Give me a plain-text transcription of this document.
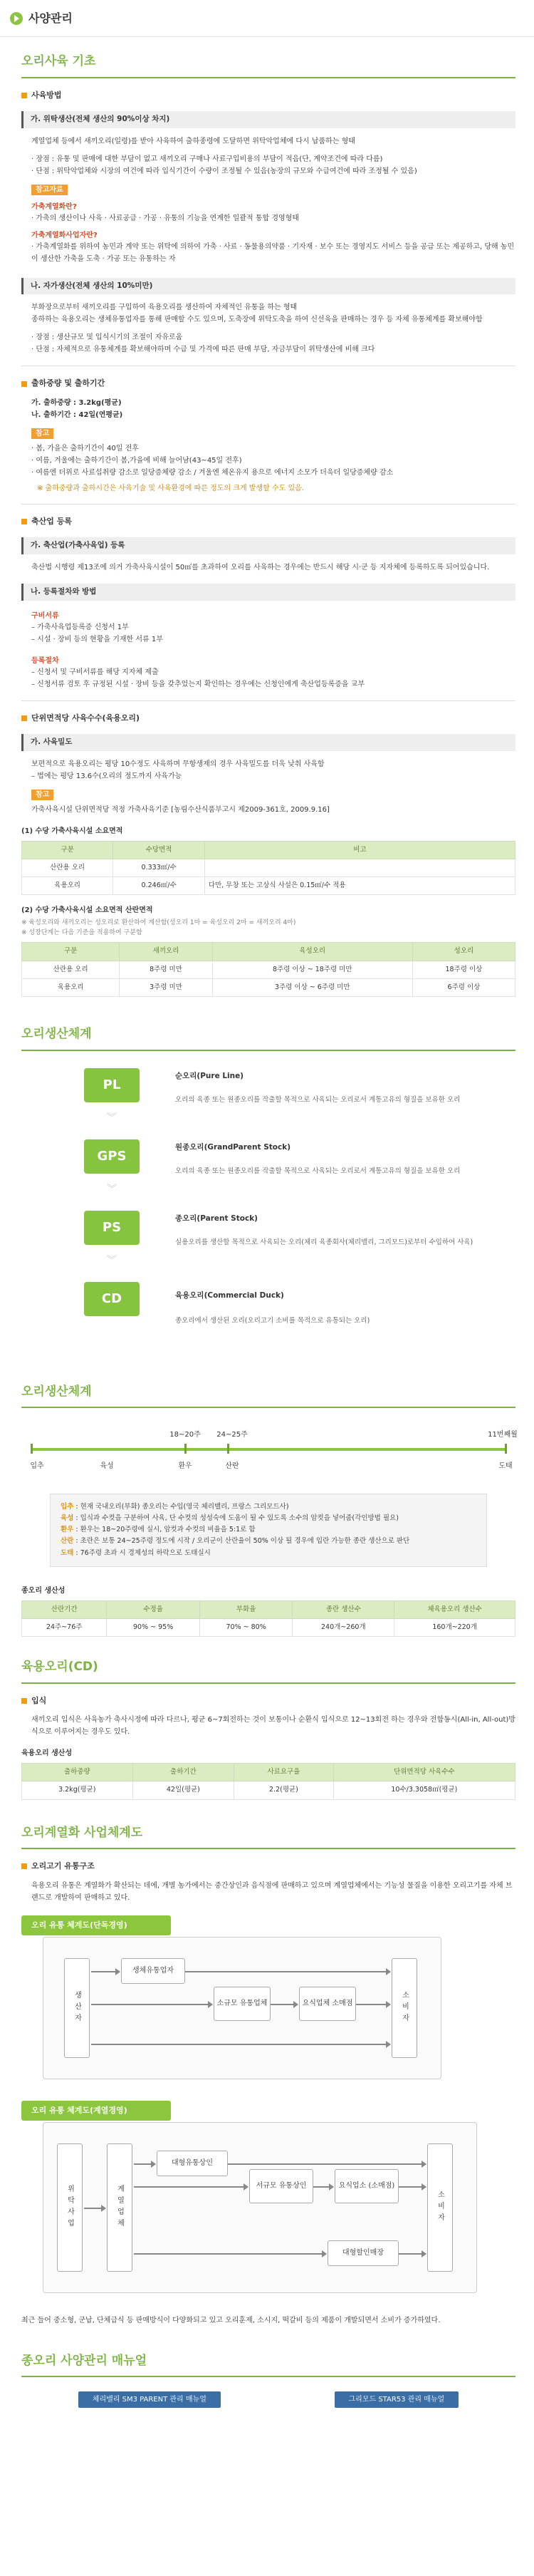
사양관리
오리사육 기초
사육방법
가. 위탁생산(전체 생산의 90%이상 차지)
계열업체 등에서 새끼오리(일령)를 받아 사육하여 출하종령에 도달하면 위탁악업체에 다시 납품하는 형태
· 장점 : 유통 및 판매에 대한 부담이 없고 새끼오리 구매나 사료구입비용의 부담이 적음(단, 계약조건에 따라 다름)
· 단점 : 위탁악업체와 시장의 여건에 따라 입식기간이 수량이 조정될 수 있음(농장의 규모와 수급여건에 따라 조정될 수 있음)
참고자료
가축계열화란?
· 가축의 생산이나 사육 · 사료공급 · 가공 · 유통의 기능을 연계한 일괄적 통합 경영형태
가축계열화사업자란?
· 가축계열화를 위하여 농민과 계약 또는 위탁에 의하여 가축 · 사료 · 동물용의약품 · 기자재 · 보수 또는 경영지도 서비스 등을 공급 또는 제공하고, 당해 농민이 생산한 가축을 도축 · 가공 또는 유통하는 자
나. 자가생산(전체 생산의 10%미만)
부화장으로부터 새끼오리를 구입하여 육용오리를 생산하여 자체적인 유통을 하는 형태
종하하는 육용오리는 생체유통업자를 통해 판매할 수도 있으며, 도축장에 위탁도축을 하여 신선육을 판매하는 경우 등 자체 유통체계를 확보해야함
· 장점 : 생산규모 및 입식시기의 조절이 자유로움
· 단점 : 자체적으로 유통체계를 확보해야하며 수급 및 가격에 따른 판매 부담, 자금부담이 위탁생산에 비해 크다
출하중량 및 출하기간
가. 출하중량 : 3.2kg(평균)
나. 출하기간 : 42일(연평균)
참고
· 봄, 가을은 출하기간이 40일 전후
· 여름, 겨울에는 출하기간이 봄,가을에 비해 늘어남(43~45일 전후)
· 여름엔 더위로 사료섭취량 감소로 일당증체량 감소 / 겨울엔 체온유지 용으로 에너지 소모가 더욱더 일당증체량 감소
※ 출하중량과 출하시간은 사육기술 및 사육환경에 따른 정도의 크게 발생할 수도 있음.
축산업 등록
가. 축산업(가축사육업) 등록
축산법 시행령 제13조에 의거 가축사육시설이 50㎡를 초과하여 오리를 사육하는 경우에는 반드시 해당 시·군 등 지자체에 등록하도록 되어있습니다.
나. 등록절차와 방법
구비서류
– 가축사육업등록증 신청서 1부
– 시설 · 장비 등의 현황을 기재한 서류 1부
등록절차
– 신청서 및 구비서류를 해당 지자체 제출
– 신청서류 검토 후 규정된 시설 · 장비 등을 갖추었는지 확인하는 경우에는 신청인에게 축산업등록증을 교부
단위면적당 사육수수(육용오리)
가. 사육밀도
보편적으로 육용오리는 평당 10수정도 사육하며 무항생제의 경우 사육밀도를 더욱 낮춰 사육함
– 법에는 평당 13.6수(오리의 정도까지 사육가능
참고
가축사육시설 단위면적당 적정 가축사육기준 [농림수산식품부고시 제2009-361호, 2009.9.16]
(1) 수당 가축사육시설 소요면적
구분	수당면적	비고
산란용 오리	0.333㎡/수	
육용오리	0.246㎡/수	다만, 무창 또는 고상식 사설은 0.15㎡/수 적용
(2) 수당 가축사육시설 소요면적 산란면적
※ 육성오리와 새끼오리는 성오리로 환산하여 계산함(성오리 1마 = 육성오리 2마 = 새끼오리 4마)
※ 성장단계는 다음 기준을 적용하여 구분함
구분	새끼오리	육성오리	성오리
산란용 오리	8주령 미만	8주령 이상 ~ 18주령 미만	18주령 이상
육용오리	3주령 미만	3주령 이상 ~ 6주령 미만	6주령 이상
오리생산체계
PL
순오리(Pure Line)
오리의 육종 또는 원종오리를 작출할 목적으로 사육되는 오리로서 계통고유의 형질을 보유한 오리
︾
GPS
원종오리(GrandParent Stock)
오리의 육종 또는 원종오리를 작출할 목적으로 사육되는 오리로서 계통고유의 형질을 보유한 오리
︾
PS
종오리(Parent Stock)
실용오리를 생산할 목적으로 사육되는 오리(체리 육종회사(체리밸리, 그리모드)로부터 수입하여 사육)
︾
CD	육용오리(Commercial Duck)
종오리에서 생산된 오리(오리고기 소비를 목적으로 유통되는 오리)
오리생산체계
18~20주 24~25주	11번째월
입추	육성	환우	산란	도태
입추 : 현재 국내오리(부화) 종오리는 수입(영국 체리밸리, 프랑스 그리모드사)
육성 : 입식과 수컷을 구분하여 사육, 단 수컷의 성성숙에 도움이 될 수 있도록 소수의 암컷을 넣어줌(각인방법 필요)
환우 : 환우는 18~20주령에 실시, 암컷과 수컷의 비율을 5:1로 함
산란 : 초란은 보통 24~25주령 정도에 시작 / 오리군이 산란율이 50% 이상 될 경우에 입란 가능한 종란 생산으로 판단
도태 : 76주령 초과 시 경제성의 하락으로 도태실시
종오리 생산성
산란기간	수정율	부화율	종란 생산수	체육용오리 생산수
24주~76주	90% ~ 95%	70% ~ 80%	240개~260개	160개~220개
육용오리(CD)
입식
새끼오리 입식은 사육농가 축사시정에 따라 다르나, 평균 6~7회전하는 것이 보통이나 순환식 입식으로 12~13회전 하는 경우와 전함동시(All-in, All-out)방식으로 이루어지는 경우도 있다.
육용오리 생산성
출하중량	출하기간	사료요구율	단위면적당 사육수수
3.2kg(평균)	42일(평균)	2.2(평균)	10수/3.3058㎡(평균)
오리계열화 사업체계도
오리고기 유통구조
육용오리 유통은 계열화가 확산되는 데에, 개별 농가에서는 중간상인과 음식점에 판매하고 있으며 계열업체에서는 기능성 물질을 이용한 오리고기를 자체 브랜드로 개발하여 판매하고 있다.
오리 유통 체계도(단독경영)
생산자
생체유통업자
소규모 유통업체	요식업체 소매점	소비자
오리 유통 체계도(계열경영)
위탁사업	계열업체
대형유통상인
서규모 유통상인	요식업소 (소매점)
대형할인매장
소비자
최근 들어 중소형, 군납, 단체급식 등 판매방식이 다양화되고 있고 오리훈제, 소시지, 떡갈비 등의 제품이 개발되면서 소비가 증가하였다.
종오리 사양관리 매뉴얼
체리밸리 SM3 PARENT 관리 매뉴얼	그리모드 STAR53 관리 매뉴얼
